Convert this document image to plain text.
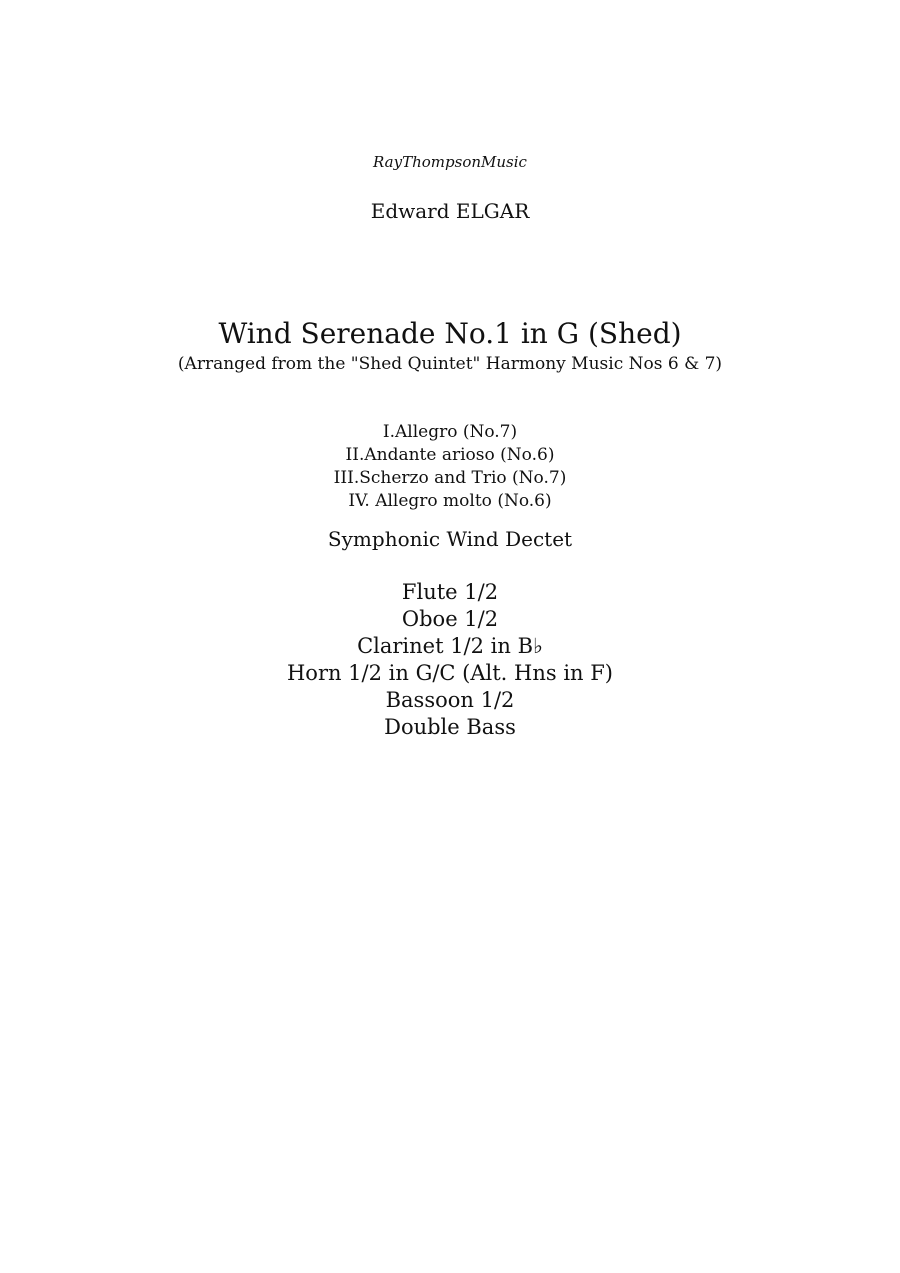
RayThompsonMusic
Edward ELGAR
Wind Serenade No.1 in G (Shed)
(Arranged from the "Shed Quintet" Harmony Music Nos 6 & 7)
I.Allegro (No.7)
II.Andante arioso (No.6)
III.Scherzo and Trio (No.7)
IV. Allegro molto (No.6)
Symphonic Wind Dectet
Flute 1/2
Oboe 1/2
Clarinet 1/2 in B♭
Horn 1/2 in G/C (Alt. Hns in F)
Bassoon 1/2
Double Bass
